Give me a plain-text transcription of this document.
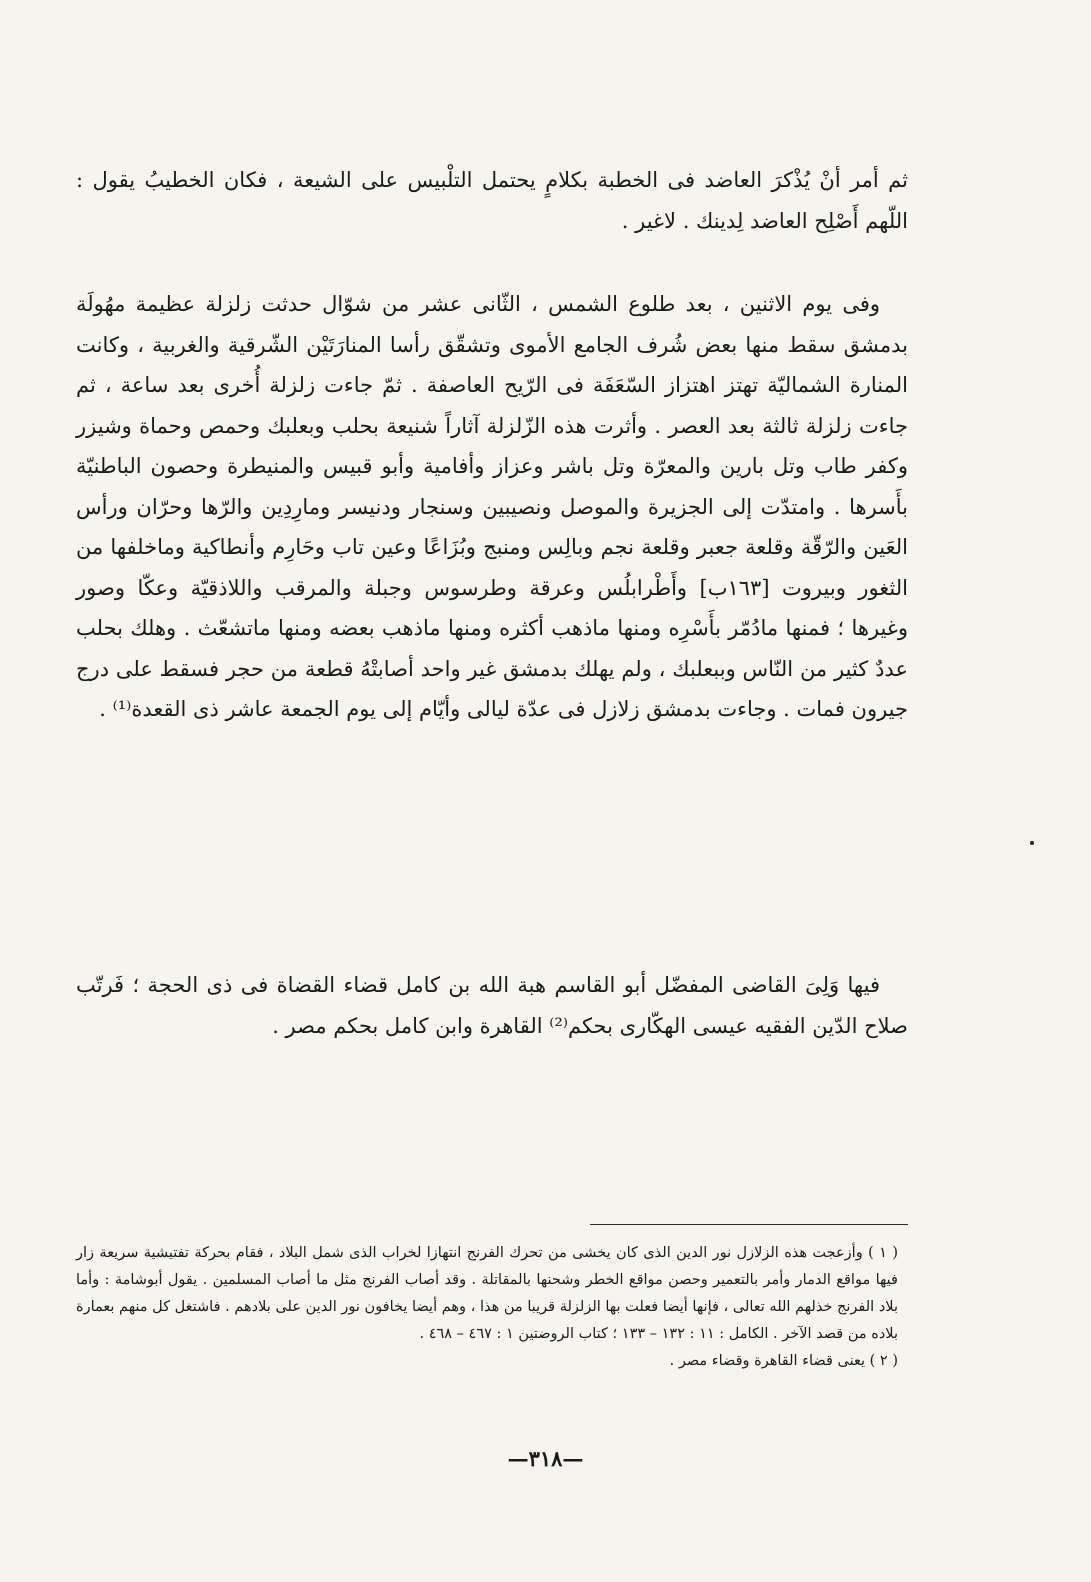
ثم أمر أنْ يُذْكرَ العاضد فى الخطبة بكلامٍ يحتمل التلْبيس على الشيعة ، فكان الخطيبُ يقول : اللّهم أَصْلِح العاضد لِدينك . لاغير .

وفى يوم الاثنين ، بعد طلوع الشمس ، الثّانى عشر من شوّال حدثت زلزلة عظيمة مهُولَة بدمشق سقط منها بعض شُرف الجامع الأموى وتشقّق رأسا المنارَتَيْن الشّرقية والغربية ، وكانت المنارة الشماليّة تهتز اهتزاز السّعَفَة فى الرّيح العاصفة . ثمّ جاءت زلزلة أُخرى بعد ساعة ، ثم جاءت زلزلة ثالثة بعد العصر . وأثرت هذه الزّلزلة آثاراً شنيعة بحلب وبعلبك وحمص وحماة وشيزر وكفر طاب وتل بارين والمعرّة وتل باشر وعزاز وأفامية وأبو قبيس والمنيطرة وحصون الباطنيّة بأَسرها . وامتدّت إلى الجزيرة والموصل ونصيبين وسنجار ودنيسر ومارِدِين والرّها وحرّان ورأس العَين والرّقّة وقلعة جعبر وقلعة نجم وبالِس ومنبج وبُزَاعًا وعين تاب وحَارِم وأنطاكية وماخلفها من الثغور وبيروت [١٦٣ب] وأَطْرابلُس وعرقة وطرسوس وجبلة والمرقب واللاذقيّة وعكّا وصور وغيرها ؛ فمنها مادُمّر بأَسْرِه ومنها ماذهب أكثره ومنها ماذهب بعضه ومنها ماتشعّث . وهلك بحلب عددٌ كثير من النّاس وببعلبك ، ولم يهلك بدمشق غير واحد أصابتْهُ قطعة من حجر فسقط على درج جيرون فمات . وجاءت بدمشق زلازل فى عدّة ليالى وأيّام إلى يوم الجمعة عاشر ذى القعدة⁽¹⁾ .

فيها وَلِىَ القاضى المفضّل أبو القاسم هبة الله بن كامل قضاء القضاة فى ذى الحجة ؛ فَرتّب صلاح الدّين الفقيه عيسى الهكّارى بحكم⁽²⁾ القاهرة وابن كامل بحكم مصر .

( ١ ) وأزعجت هذه الزلازل نور الدين الذى كان يخشى من تحرك الفرنج انتهازا لخراب الذى شمل البلاد ، فقام بحركة تفتيشية سريعة زار فيها مواقع الدمار وأمر بالتعمير وحصن مواقع الخطر وشحنها بالمقاتلة . وقد أصاب الفرنج مثل ما أصاب المسلمين . يقول أبوشامة : وأما بلاد الفرنج خذلهم الله تعالى ، فإنها أيضا فعلت بها الزلزلة قريبا من هذا ، وهم أيضا يخافون نور الدين على بلادهم . فاشتغل كل منهم بعمارة بلاده من قصد الآخر . الكامل : ١١ : ١٣٢ – ١٣٣ ؛ كتاب الروضتين ١ : ٤٦٧ – ٤٦٨ .

( ٢ ) يعنى قضاء القاهرة وقضاء مصر .

—٣١٨—
